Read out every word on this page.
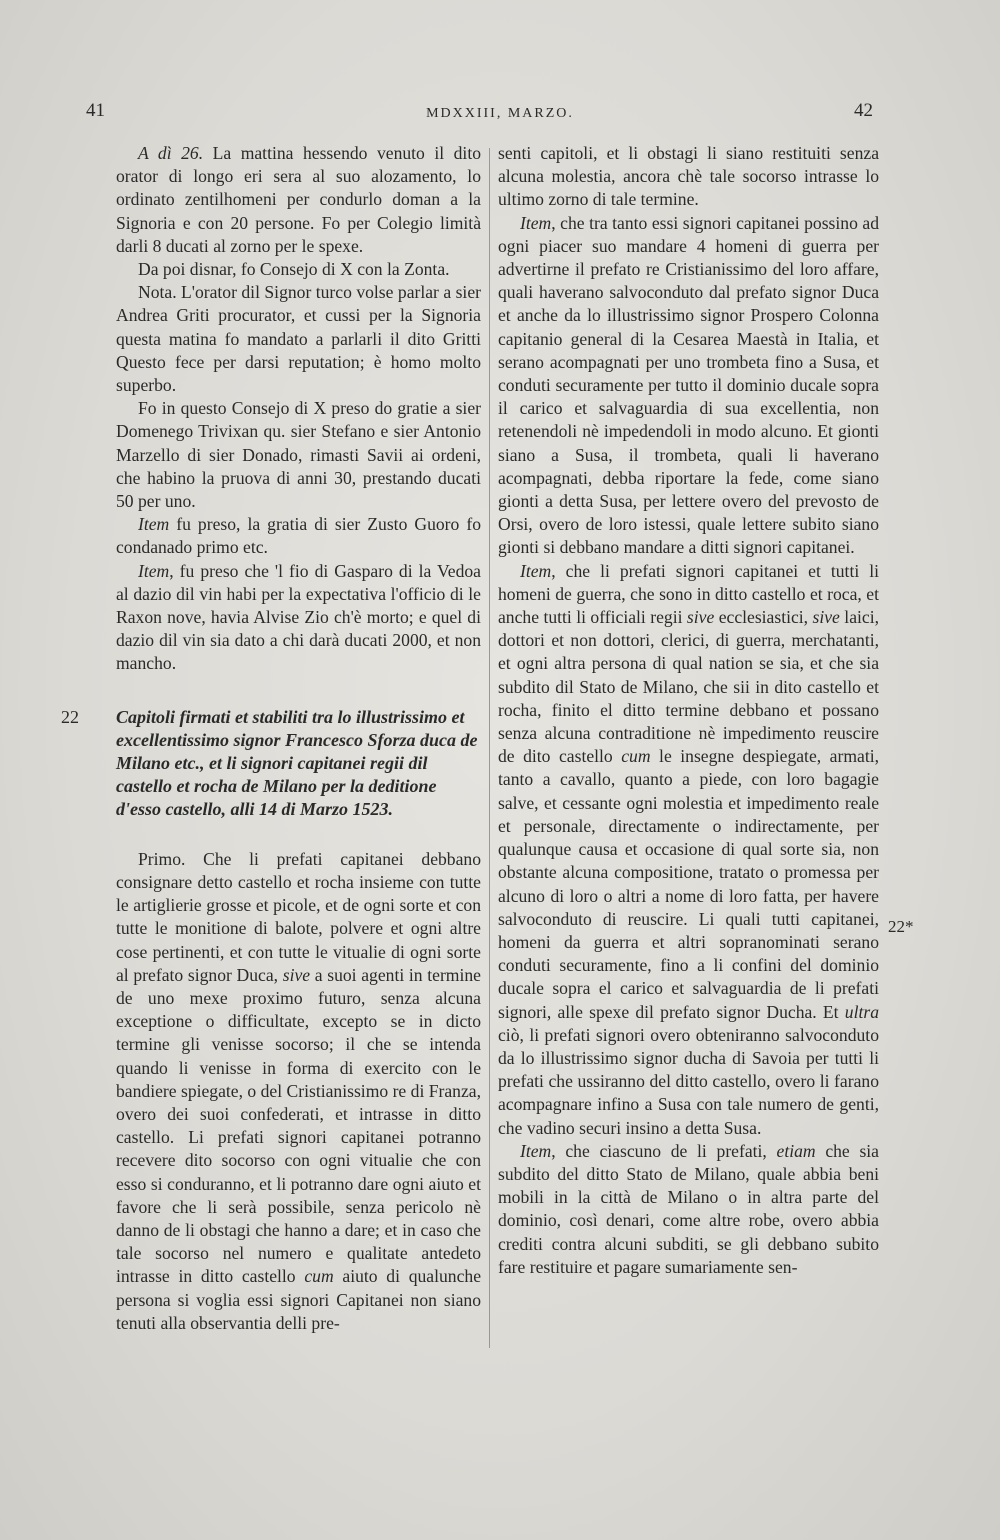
41	MDXXIII, MARZO.	42

A dì 26. La mattina hessendo venuto il dito orator di longo eri sera al suo alozamento, lo ordinato zentilhomeni per condurlo doman a la Signoria e con 20 persone. Fo per Colegio limità darli 8 ducati al zorno per le spexe.

Da poi disnar, fo Consejo di X con la Zonta.

Nota. L'orator dil Signor turco volse parlar a sier Andrea Griti procurator, et cussi per la Signoria questa matina fo mandato a parlarli il dito Gritti Questo fece per darsi reputation; è homo molto superbo.

Fo in questo Consejo di X preso do gratie a sier Domenego Trivixan qu. sier Stefano e sier Antonio Marzello di sier Donado, rimasti Savii ai ordeni, che habino la pruova di anni 30, prestando ducati 50 per uno.

Item fu preso, la gratia di sier Zusto Guoro fo condanado primo etc.

Item, fu preso che 'l fio di Gasparo di la Vedoa al dazio dil vin habi per la expectativa l'officio di le Raxon nove, havia Alvise Zio ch'è morto; e quel di dazio dil vin sia dato a chi darà ducati 2000, et non mancho.

22 Capitoli firmati et stabiliti tra lo illustrissimo et excellentissimo signor Francesco Sforza duca de Milano etc., et li signori capitanei regii dil castello et rocha de Milano per la deditione d'esso castello, alli 14 di Marzo 1523.

Primo. Che li prefati capitanei debbano consignare detto castello et rocha insieme con tutte le artiglierie grosse et picole, et de ogni sorte et con tutte le monitione di balote, polvere et ogni altre cose pertinenti, et con tutte le vitualie di ogni sorte al prefato signor Duca, sive a suoi agenti in termine de uno mexe proximo futuro, senza alcuna exceptione o difficultate, excepto se in dicto termine gli venisse socorso; il che se intenda quando li venisse in forma di exercito con le bandiere spiegate, o del Cristianissimo re di Franza, overo dei suoi confederati, et intrasse in ditto castello. Li prefati signori capitanei potranno recevere dito socorso con ogni vitualie che con esso si conduranno, et li potranno dare ogni aiuto et favore che li serà possibile, senza pericolo nè danno de li obstagi che hanno a dare; et in caso che tale socorso nel numero e qualitate antedeto intrasse in ditto castello cum aiuto di qualunche persona si voglia essi signori Capitanei non siano tenuti alla observantia delli pre-

senti capitoli, et li obstagi li siano restituiti senza alcuna molestia, ancora chè tale socorso intrasse lo ultimo zorno di tale termine.

Item, che tra tanto essi signori capitanei possino ad ogni piacer suo mandare 4 homeni di guerra per advertirne il prefato re Cristianissimo del loro affare, quali haverano salvoconduto dal prefato signor Duca et anche da lo illustrissimo signor Prospero Colonna capitanio general di la Cesarea Maestà in Italia, et serano acompagnati per uno trombeta fino a Susa, et conduti securamente per tutto il dominio ducale sopra il carico et salvaguardia di sua excellentia, non retenendoli nè impedendoli in modo alcuno. Et gionti siano a Susa, il trombeta, quali li haverano acompagnati, debba riportare la fede, come siano gionti a detta Susa, per lettere overo del prevosto de Orsi, overo de loro istessi, quale lettere subito siano gionti si debbano mandare a ditti signori capitanei.

Item, che li prefati signori capitanei et tutti li homeni de guerra, che sono in ditto castello et roca, et anche tutti li officiali regii sive ecclesiastici, sive laici, dottori et non dottori, clerici, di guerra, merchatanti, et ogni altra persona di qual nation se sia, et che sia subdito dil Stato de Milano, che sii in dito castello et rocha, finito el ditto termine debbano et possano senza alcuna contraditione nè impedimento reuscire de dito castello cum le insegne despiegate, armati, tanto a cavallo, quanto a piede, con loro bagagie salve, et cessante ogni molestia et impedimento reale et personale, directamente o indirectamente, per qualunque causa et occasione di qual sorte sia, non obstante alcuna compositione, tratato o promessa per alcuno di loro o altri a nome di loro fatta, per havere salvoconduto di reuscire. Li quali tutti capitanei, homeni da guerra et altri sopranominati serano conduti securamente, fino a li confini del dominio ducale sopra el carico et salvaguardia de li prefati signori, alle spexe dil prefato signor Ducha. Et ultra ciò, li prefati signori overo obteniranno salvoconduto da lo illustrissimo signor ducha di Savoia per tutti li prefati che ussiranno del ditto castello, overo li farano acompagnare infino a Susa con tale numero de genti, che vadino securi insino a detta Susa.

Item, che ciascuno de li prefati, etiam che sia subdito del ditto Stato de Milano, quale abbia beni mobili in la città de Milano o in altra parte del dominio, così denari, come altre robe, overo abbia crediti contra alcuni subditi, se gli debbano subito fare restituire et pagare sumariamente sen-

22*
